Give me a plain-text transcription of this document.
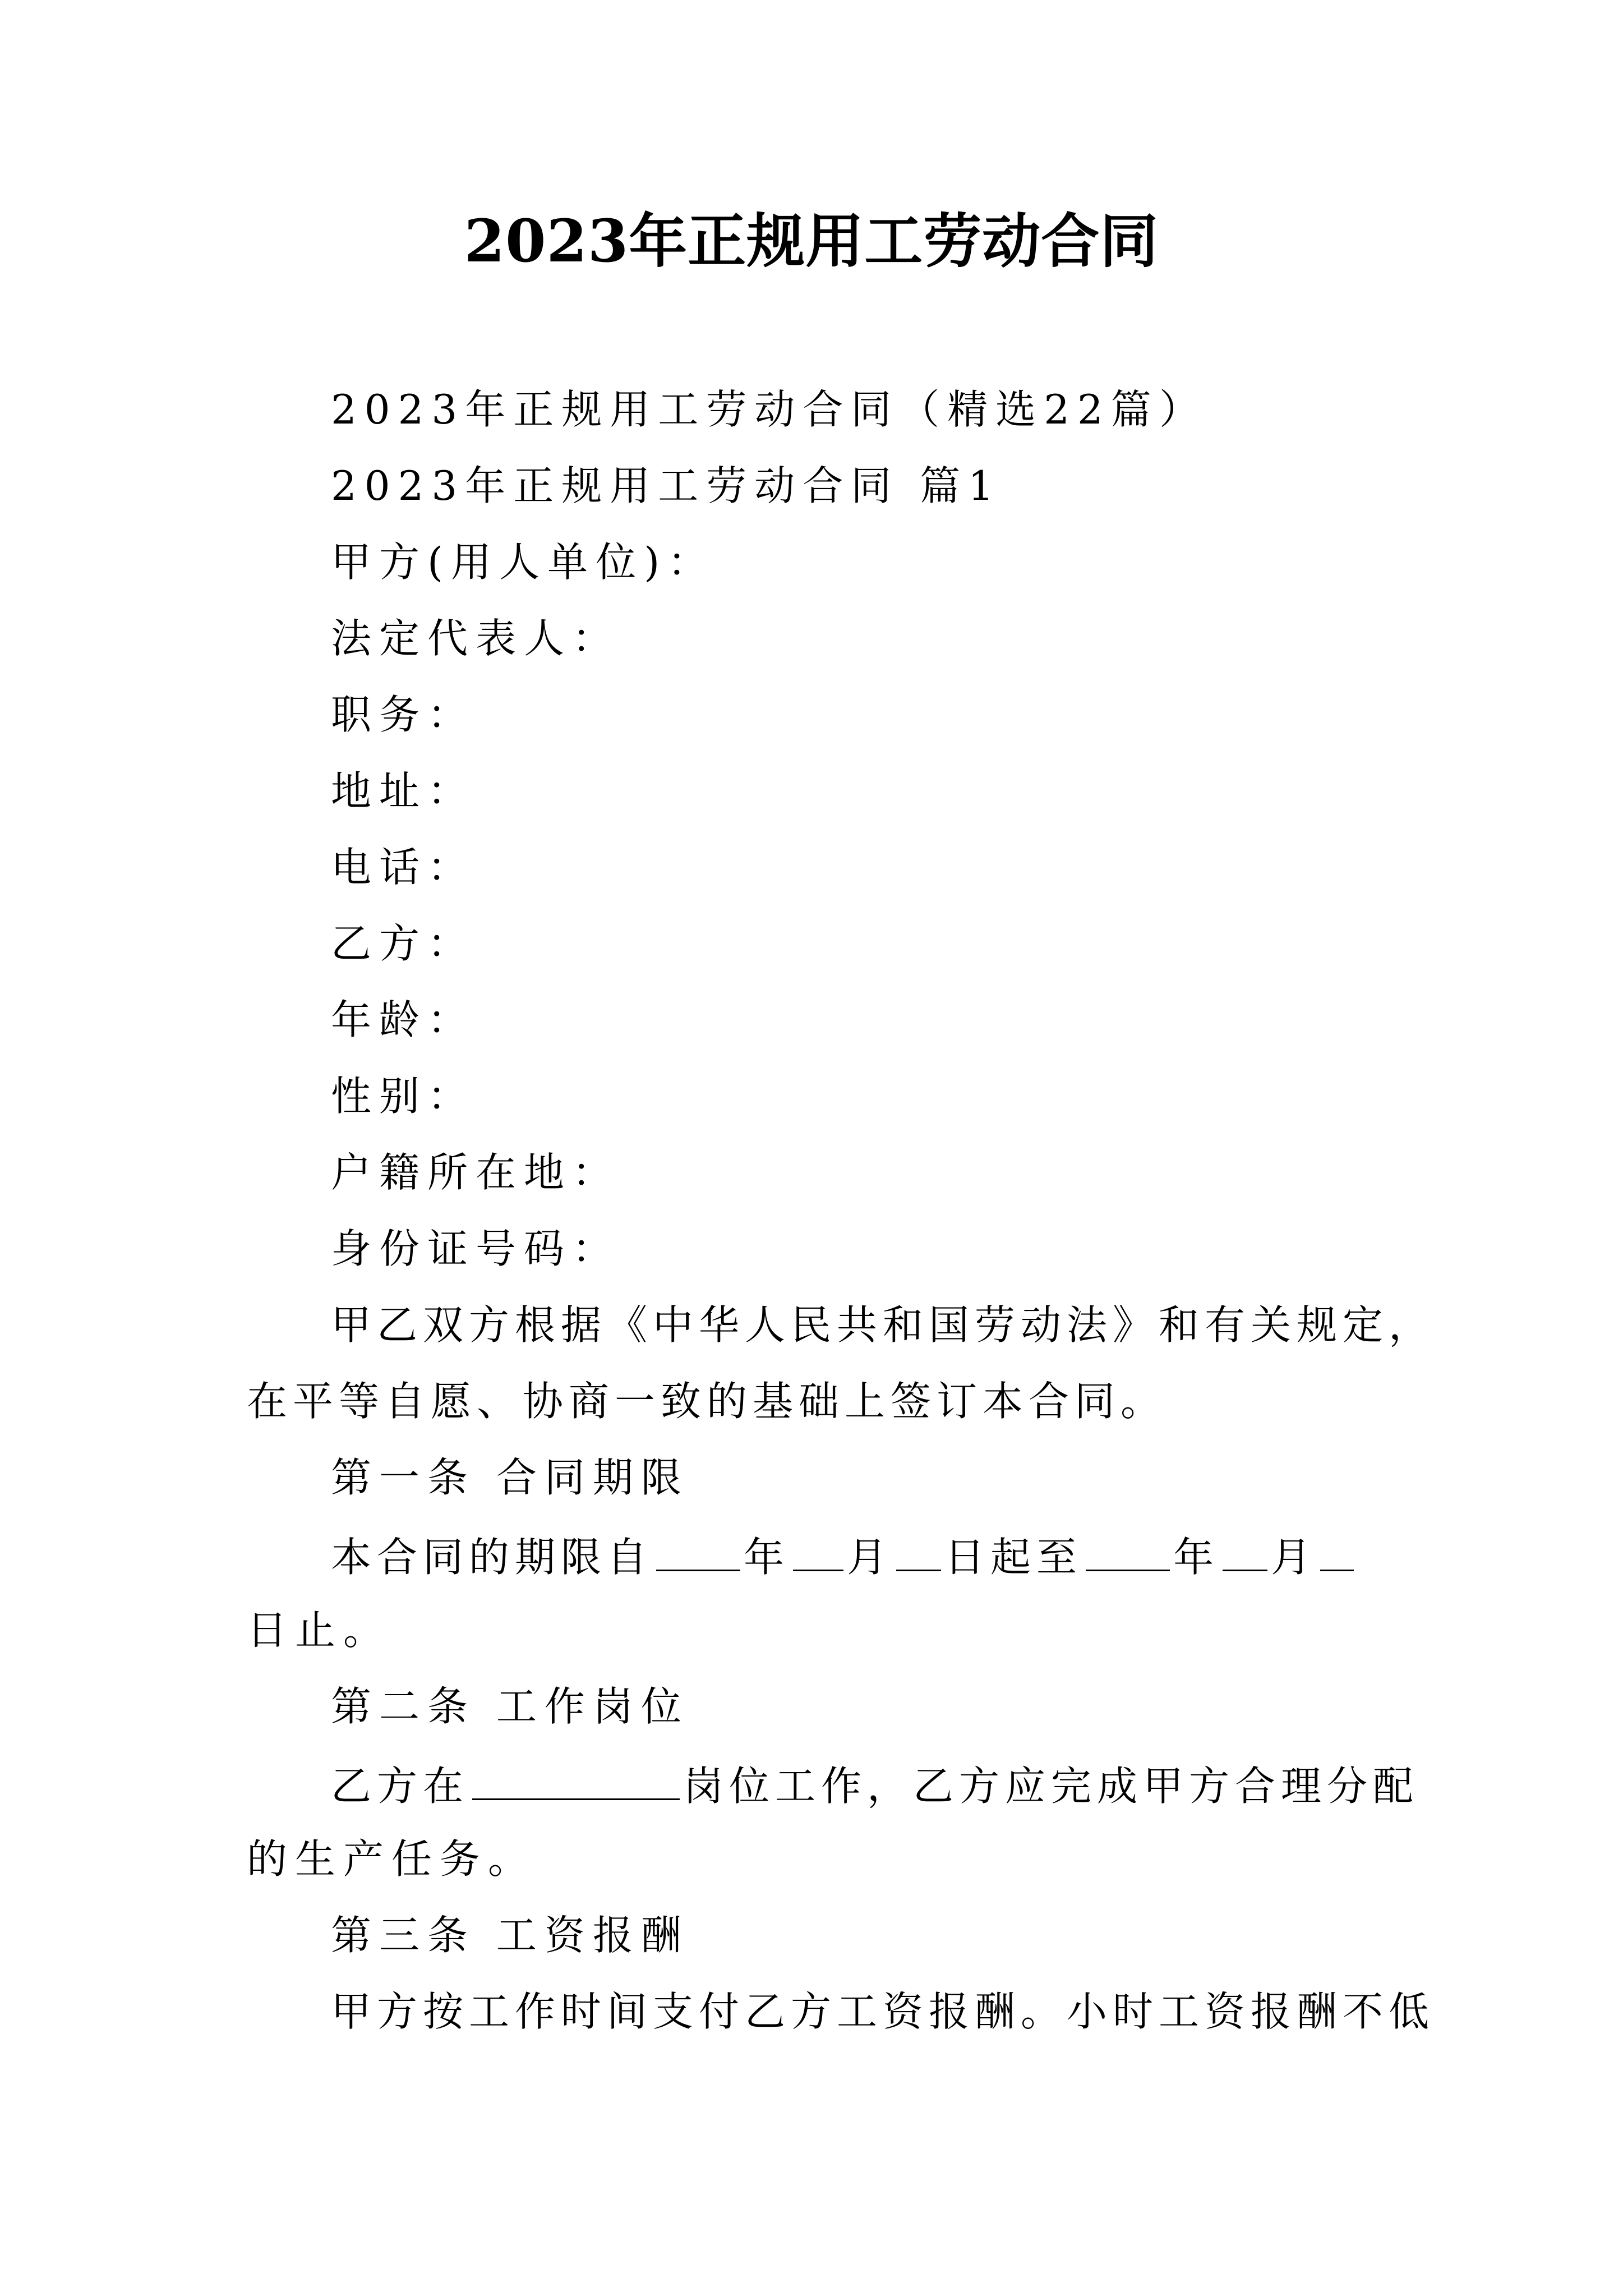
2023年正规用工劳动合同
2023年正规用工劳动合同（精选22篇）
2023年正规用工劳动合同 篇1
甲方(用人单位)：
法定代表人：
职务：
地址：
电话：
乙方：
年龄：
性别：
户籍所在地：
身份证号码：
甲乙双方根据《中华人民共和国劳动法》和有关规定，
在平等自愿、协商一致的基础上签订本合同。
第一条 合同期限
本合同的期限自 年 月 日起至 年 月
日止。
第二条 工作岗位
乙方在	岗位工作，乙方应完成甲方合理分配
的生产任务。
第三条 工资报酬
甲方按工作时间支付乙方工资报酬。小时工资报酬不低
